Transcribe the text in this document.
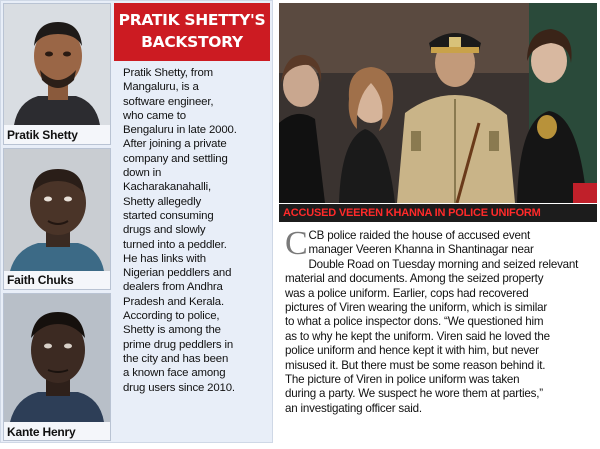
Pratik Shetty
Faith Chuks
Kante Henry
PRATIK SHETTY'S
BACKSTORY
Pratik Shetty, from
Mangaluru, is a
software engineer,
who came to
Bengaluru in late 2000.
After joining a private
company and settling
down in
Kacharakanahalli,
Shetty allegedly
started consuming
drugs and slowly
turned into a peddler.
He has links with
Nigerian peddlers and
dealers from Andhra
Pradesh and Kerala.
According to police,
Shetty is among the
prime drug peddlers in
the city and has been
a known face among
drug users since 2010.
ACCUSED VEEREN KHANNA IN POLICE UNIFORM
C CB police raided the house of accused event
manager Veeren Khanna in Shantinagar near
Double Road on Tuesday morning and seized relevant
material and documents. Among the seized property
was a police uniform. Earlier, cops had recovered
pictures of Viren wearing the uniform, which is similar
to what a police inspector dons. “We questioned him
as to why he kept the uniform. Viren said he loved the
police uniform and hence kept it with him, but never
misused it. But there must be some reason behind it.
The picture of Viren in police uniform was taken
during a party. We suspect he wore them at parties,”
an investigating officer said.
